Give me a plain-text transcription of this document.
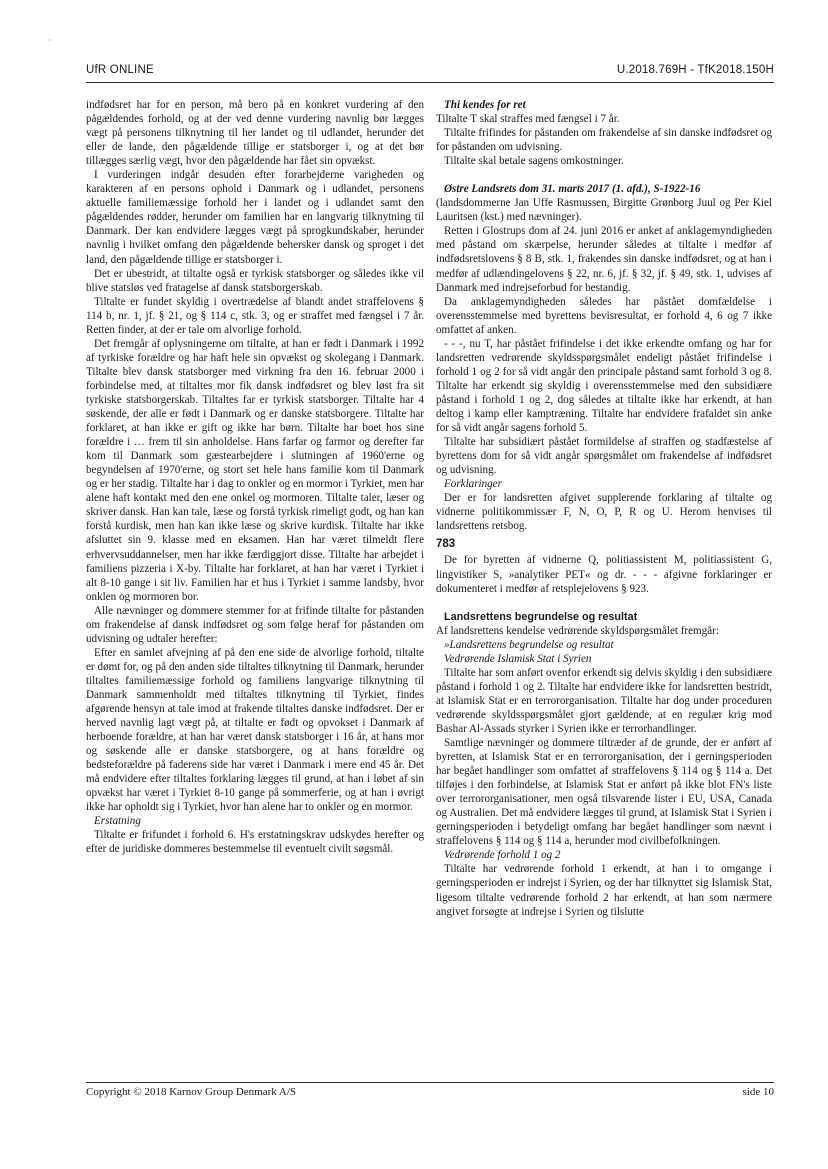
·
UfR ONLINE	U.2018.769H - TfK2018.150H

indfødsret har for en person, må bero på en konkret vurdering af den pågældendes forhold, og at der ved denne vurdering navnlig bør lægges vægt på personens tilknytning til her landet og til udlandet, herunder det eller de lande, den pågældende tillige er statsborger i, og at det bør tillægges særlig vægt, hvor den pågældende har fået sin opvækst.

I vurderingen indgår desuden efter forarbejderne varigheden og karakteren af en persons ophold i Danmark og i udlandet, personens aktuelle familiemæssige forhold her i landet og i udlandet samt den pågældendes rødder, herunder om familien har en langvarig tilknytning til Danmark. Der kan endvidere lægges vægt på sprogkundskaber, herunder navnlig i hvilket omfang den pågældende behersker dansk og sproget i det land, den pågældende tillige er statsborger i.

Det er ubestridt, at tiltalte også er tyrkisk statsborger og således ikke vil blive statsløs ved fratagelse af dansk statsborgerskab.

Tiltalte er fundet skyldig i overtrædelse af blandt andet straffelovens § 114 b, nr. 1, jf. § 21, og § 114 c, stk. 3, og er straffet med fængsel i 7 år. Retten finder, at der er tale om alvorlige forhold.

Det fremgår af oplysningerne om tiltalte, at han er født i Danmark i 1992 af tyrkiske forældre og har haft hele sin opvækst og skolegang i Danmark. Tiltalte blev dansk statsborger med virkning fra den 16. februar 2000 i forbindelse med, at tiltaltes mor fik dansk indfødsret og blev løst fra sit tyrkiske statsborgerskab. Tiltaltes far er tyrkisk statsborger. Tiltalte har 4 søskende, der alle er født i Danmark og er danske statsborgere. Tiltalte har forklaret, at han ikke er gift og ikke har børn. Tiltalte har boet hos sine forældre i … frem til sin anholdelse. Hans farfar og farmor og derefter far kom til Danmark som gæstearbejdere i slutningen af 1960'erne og begyndelsen af 1970'erne, og stort set hele hans familie kom til Danmark og er her stadig. Tiltalte har i dag to onkler og en mormor i Tyrkiet, men har alene haft kontakt med den ene onkel og mormoren. Tiltalte taler, læser og skriver dansk. Han kan tale, læse og forstå tyrkisk rimeligt godt, og han kan forstå kurdisk, men han kan ikke læse og skrive kurdisk. Tiltalte har ikke afsluttet sin 9. klasse med en eksamen. Han har været tilmeldt flere erhvervsuddannelser, men har ikke færdiggjort disse. Tiltalte har arbejdet i familiens pizzeria i X-by. Tiltalte har forklaret, at han har været i Tyrkiet i alt 8-10 gange i sit liv. Familien har et hus i Tyrkiet i samme landsby, hvor onklen og mormoren bor.

Alle nævninger og dommere stemmer for at frifinde tiltalte for påstanden om frakendelse af dansk indfødsret og som følge heraf for påstanden om udvisning og udtaler herefter:

Efter en samlet afvejning af på den ene side de alvorlige forhold, tiltalte er dømt for, og på den anden side tiltaltes tilknytning til Danmark, herunder tiltaltes familiemæssige forhold og familiens langvarige tilknytning til Danmark sammenholdt med tiltaltes tilknytning til Tyrkiet, findes afgørende hensyn at tale imod at frakende tiltaltes danske indfødsret. Der er herved navnlig lagt vægt på, at tiltalte er født og opvokset i Danmark af herboende forældre, at han har været dansk statsborger i 16 år, at hans mor og søskende alle er danske statsborgere, og at hans forældre og bedsteforældre på faderens side har været i Danmark i mere end 45 år. Det må endvidere efter tiltaltes forklaring lægges til grund, at han i løbet af sin opvækst har været i Tyrkiet 8-10 gange på sommerferie, og at han i øvrigt ikke har opholdt sig i Tyrkiet, hvor han alene har to onkler og en mormor.

Erstatning

Tiltalte er frifundet i forhold 6. H's erstatningskrav udskydes herefter og efter de juridiske dommeres bestemmelse til eventuelt civilt søgsmål.

Thi kendes for ret

Tiltalte T skal straffes med fængsel i 7 år.

Tiltalte frifindes for påstanden om frakendelse af sin danske indfødsret og for påstanden om udvisning.

Tiltalte skal betale sagens omkostninger.

Østre Landsrets dom 31. marts 2017 (1. afd.), S-1922-16

(landsdommerne Jan Uffe Rasmussen, Birgitte Grønborg Juul og Per Kiel Lauritsen (kst.) med nævninger).

Retten i Glostrups dom af 24. juni 2016 er anket af anklagemyndigheden med påstand om skærpelse, herunder således at tiltalte i medfør af indfødsretslovens § 8 B, stk. 1, frakendes sin danske indfødsret, og at han i medfør af udlændingelovens § 22, nr. 6, jf. § 32, jf. § 49, stk. 1, udvises af Danmark med indrejseforbud for bestandig.

Da anklagemyndigheden således har påstået domfældelse i overensstemmelse med byrettens bevisresultat, er forhold 4, 6 og 7 ikke omfattet af anken.

- - -, nu T, har påstået frifindelse i det ikke erkendte omfang og har for landsretten vedrørende skyldsspørgsmålet endeligt påstået frifindelse i forhold 1 og 2 for så vidt angår den principale påstand samt forhold 3 og 8. Tiltalte har erkendt sig skyldig i overensstemmelse med den subsidiære påstand i forhold 1 og 2, dog således at tiltalte ikke har erkendt, at han deltog i kamp eller kamptræning. Tiltalte har endvidere frafaldet sin anke for så vidt angår sagens forhold 5.

Tiltalte har subsidiært påstået formildelse af straffen og stadfæstelse af byrettens dom for så vidt angår spørgsmålet om frakendelse af indfødsret og udvisning.

Forklaringer

Der er for landsretten afgivet supplerende forklaring af tiltalte og vidnerne politikommissær F, N, O, P, R og U. Herom henvises til landsrettens retsbog.

783

De for byretten af vidnerne Q, politiassistent M, politiassistent G, lingvistiker S, »analytiker PET« og dr. - - - afgivne forklaringer er dokumenteret i medfør af retsplejelovens § 923.

Landsrettens begrundelse og resultat

Af landsrettens kendelse vedrørende skyldspørgsmålet fremgår:

»Landsrettens begrundelse og resultat

Vedrørende Islamisk Stat i Syrien

Tiltalte har som anført ovenfor erkendt sig delvis skyldig i den subsidiære påstand i forhold 1 og 2. Tiltalte har endvidere ikke for landsretten bestridt, at Islamisk Stat er en terrororganisation. Tiltalte har dog under proceduren vedrørende skyldsspørgsmålet gjort gældende, at en regulær krig mod Bashar Al-Assads styrker i Syrien ikke er terrorhandlinger.

Samtlige nævninger og dommere tiltræder af de grunde, der er anført af byretten, at Islamisk Stat er en terrororganisation, der i gerningsperioden har begået handlinger som omfattet af straffelovens § 114 og § 114 a. Det tilføjes i den forbindelse, at Islamisk Stat er anført på ikke blot FN's liste over terrororganisationer, men også tilsvarende lister i EU, USA, Canada og Australien. Det må endvidere lægges til grund, at Islamisk Stat i Syrien i gerningsperioden i betydeligt omfang har begået handlinger som nævnt i straffelovens § 114 og § 114 a, herunder mod civilbefolkningen.

Vedrørende forhold 1 og 2

Tiltalte har vedrørende forhold 1 erkendt, at han i to omgange i gerningsperioden er indrejst i Syrien, og der har tilknyttet sig Islamisk Stat, ligesom tiltalte vedrørende forhold 2 har erkendt, at han som nærmere angivet forsøgte at indrejse i Syrien og tilslutte

Copyright © 2018 Karnov Group Denmark A/S	side 10
